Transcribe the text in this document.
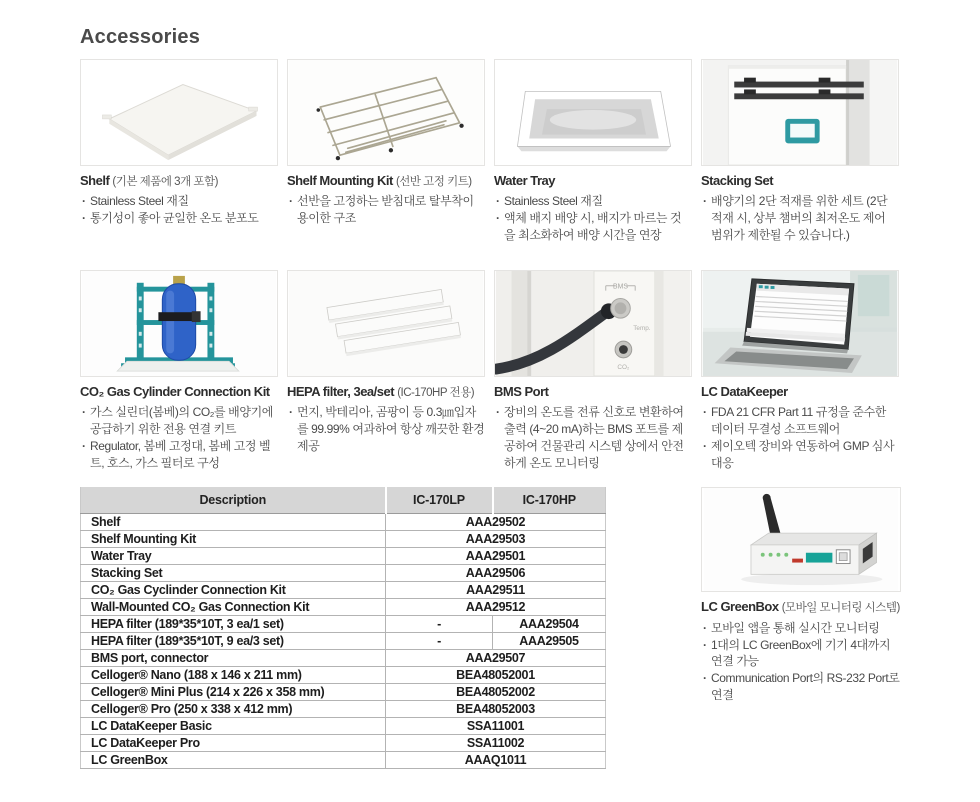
Accessories
Shelf (기본 제품에 3개 포함)
· Stainless Steel 재질
· 통기성이 좋아 균일한 온도 분포도
Shelf Mounting Kit (선반 고정 키트)
· 선반을 고정하는 받침대로 탈부착이 용이한 구조
Water Tray
· Stainless Steel 재질
· 액체 배지 배양 시, 배지가 마르는 것을 최소화하여 배양 시간을 연장
Stacking Set
· 배양기의 2단 적재를 위한 세트 (2단 적재 시, 상부 챔버의 최저온도 제어 범위가 제한될 수 있습니다.)
CO₂ Gas Cylinder Connection Kit
· 가스 실린더(봄베)의 CO₂를 배양기에 공급하기 위한 전용 연결 키트
· Regulator, 봄베 고정대, 봄베 고정 벨트, 호스, 가스 필터로 구성
HEPA filter, 3ea/set (IC-170HP 전용)
· 먼지, 박테리아, 곰팡이 등 0.3㎛입자를 99.99% 여과하여 항상 깨끗한 환경 제공
BMS
Temp.
CO₂
BMS Port
· 장비의 온도를 전류 신호로 변환하여 출력 (4~20 mA)하는 BMS 포트를 제공하여 건물관리 시스템 상에서 안전하게 온도 모니터링
LC DataKeeper
· FDA 21 CFR Part 11 규정을 준수한 데이터 무결성 소프트웨어
· 제이오텍 장비와 연동하여 GMP 심사 대응
Description	IC-170LP	IC-170HP
Shelf	AAA29502	
Shelf Mounting Kit	AAA29503	
Water Tray	AAA29501	
Stacking Set	AAA29506	
CO₂ Gas Cyclinder Connection Kit	AAA29511	
Wall-Mounted CO₂ Gas Connection Kit	AAA29512	
HEPA filter (189*35*10T, 3 ea/1 set)	-	AAA29504
HEPA filter (189*35*10T, 9 ea/3 set)	-	AAA29505
BMS port, connector	AAA29507	
Celloger® Nano (188 x 146 x 211 mm)	BEA48052001	
Celloger® Mini Plus (214 x 226 x 358 mm)	BEA48052002	
Celloger® Pro (250 x 338 x 412 mm)	BEA48052003	
LC DataKeeper Basic	SSA11001	
LC DataKeeper Pro	SSA11002	
LC GreenBox	AAAQ1011	
LC GreenBox (모바일 모니터링 시스템)
· 모바일 앱을 통해 실시간 모니터링
· 1대의 LC GreenBox에 기기 4대까지 연결 가능
· Communication Port의 RS-232 Port로 연결
